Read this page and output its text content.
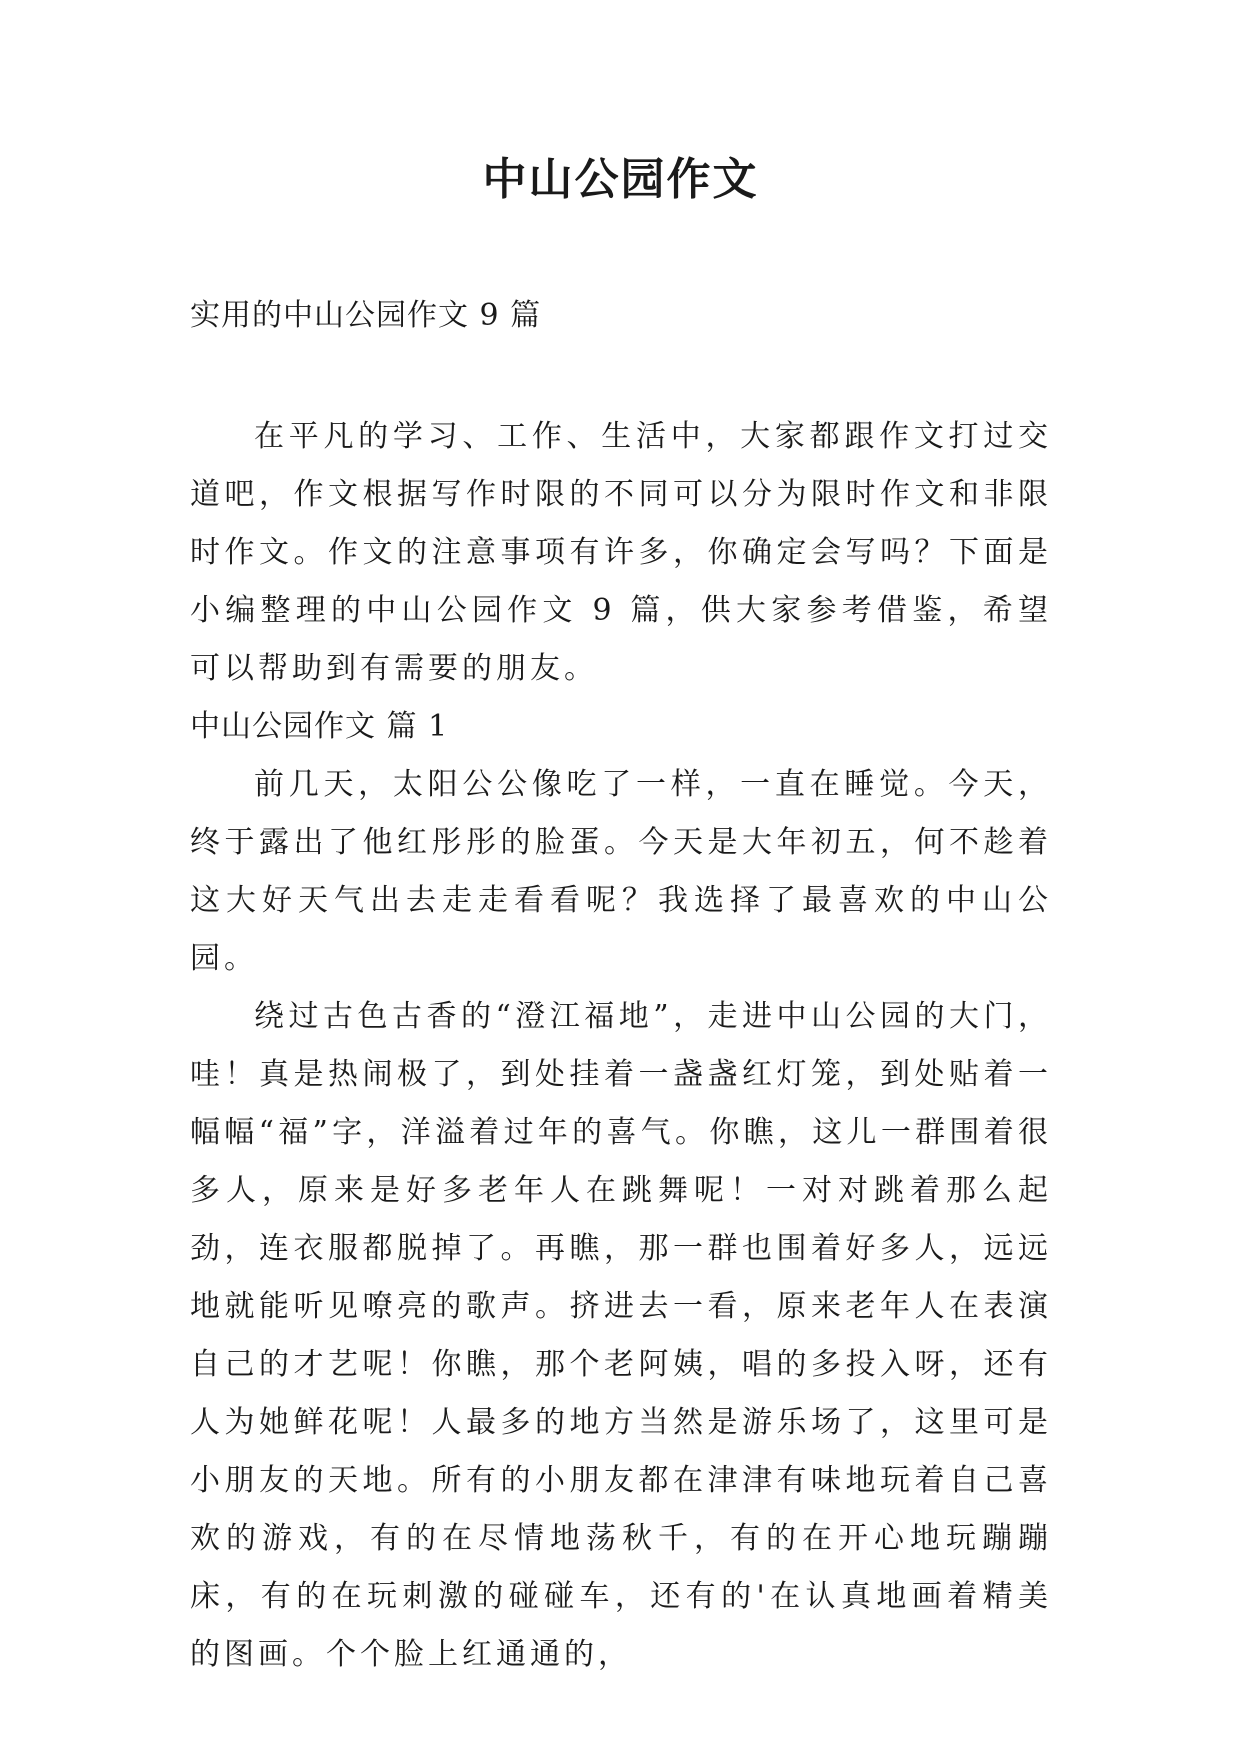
中山公园作文

实用的中山公园作文 9 篇

在平凡的学习、工作、生活中，大家都跟作文打过交道吧，作文根据写作时限的不同可以分为限时作文和非限时作文。作文的注意事项有许多，你确定会写吗？下面是小编整理的中山公园作文 9 篇，供大家参考借鉴，希望可以帮助到有需要的朋友。

中山公园作文 篇 1

前几天，太阳公公像吃了一样，一直在睡觉。今天，终于露出了他红彤彤的脸蛋。今天是大年初五，何不趁着这大好天气出去走走看看呢？我选择了最喜欢的中山公园。

绕过古色古香的“澄江福地”，走进中山公园的大门，哇！真是热闹极了，到处挂着一盏盏红灯笼，到处贴着一幅幅“福”字，洋溢着过年的喜气。你瞧，这儿一群围着很多人，原来是好多老年人在跳舞呢！一对对跳着那么起劲，连衣服都脱掉了。再瞧，那一群也围着好多人，远远地就能听见嘹亮的歌声。挤进去一看，原来老年人在表演自己的才艺呢！你瞧，那个老阿姨，唱的多投入呀，还有人为她鲜花呢！人最多的地方当然是游乐场了，这里可是小朋友的天地。所有的小朋友都在津津有味地玩着自己喜欢的游戏，有的在尽情地荡秋千，有的在开心地玩蹦蹦床，有的在玩刺激的碰碰车，还有的'在认真地画着精美的图画。个个脸上红通通的，
